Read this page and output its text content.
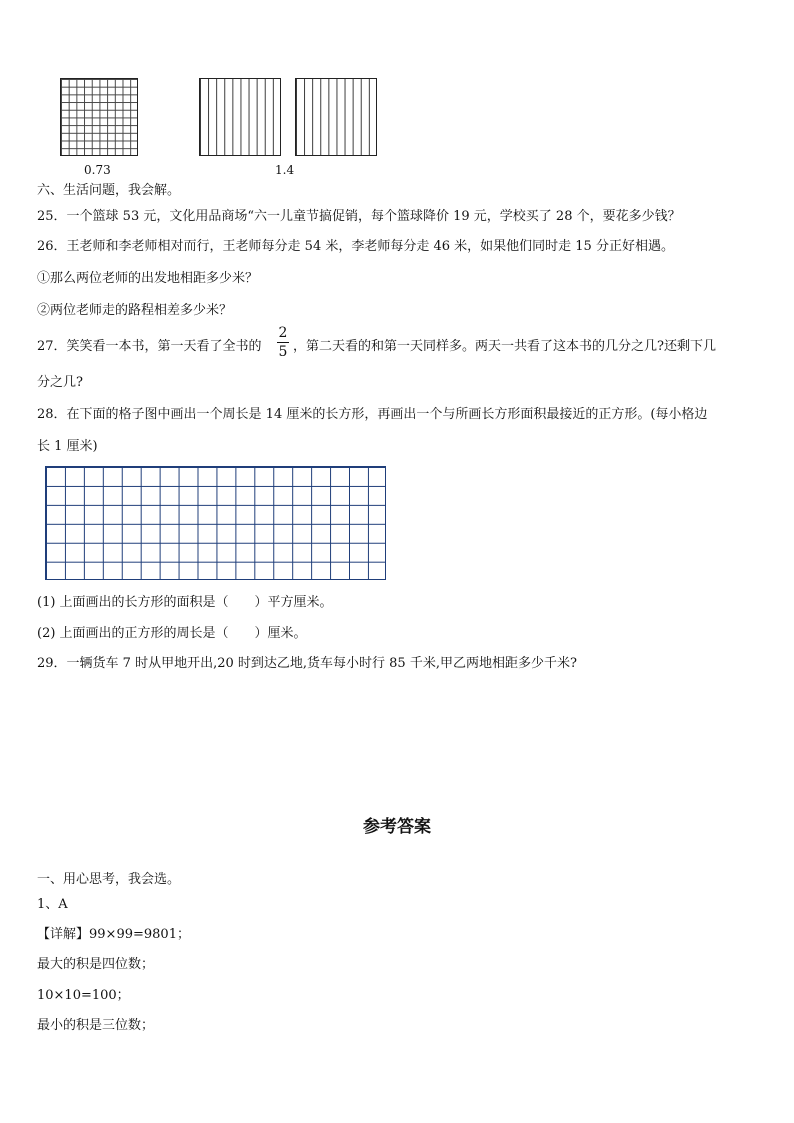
0.73	1.4
六、生活问题，我会解。
25．一个篮球 53 元，文化用品商场“六一儿童节搞促销，每个篮球降价 19 元，学校买了 28 个，要花多少钱？
26．王老师和李老师相对而行，王老师每分走 54 米，李老师每分走 46 米，如果他们同时走 15 分正好相遇。
①那么两位老师的出发地相距多少米？
②两位老师走的路程相差多少米？
27．笑笑看一本书，第一天看了全书的
2
5 ，第二天看的和第一天同样多。两天一共看了这本书的几分之几?还剩下几
分之几?
28．在下面的格子图中画出一个周长是 14 厘米的长方形，再画出一个与所画长方形面积最接近的正方形。(每小格边
长 1 厘米)
(1) 上面画出的长方形的面积是（　　）平方厘米。
(2) 上面画出的正方形的周长是（　　）厘米。
29．一辆货车 7 时从甲地开出,20 时到达乙地,货车每小时行 85 千米,甲乙两地相距多少千米?
参考答案
一、用心思考，我会选。
1、A
【详解】99×99=9801；
最大的积是四位数；
10×10=100；
最小的积是三位数；
